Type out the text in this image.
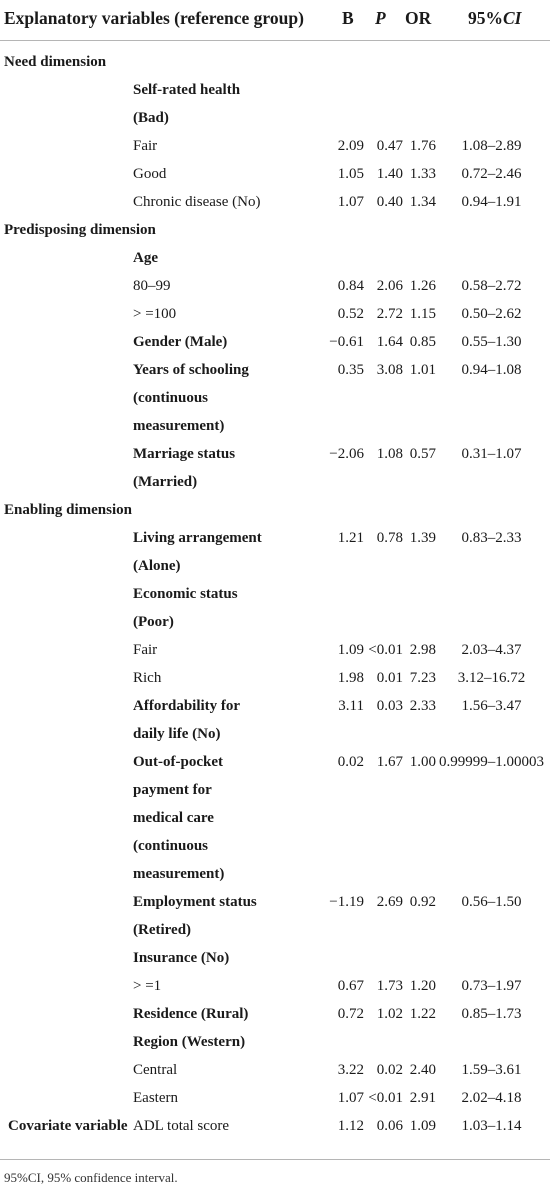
Explanatory variables (reference group) B P OR 95%CI
Need dimension
Self-rated health
(Bad)
Fair	2.09 0.47 1.76	1.08–2.89
Good	1.05 1.40 1.33	0.72–2.46
Chronic disease (No)	1.07 0.40 1.34	0.94–1.91
Predisposing dimension
Age
80–99	0.84 2.06 1.26	0.58–2.72
> =100	0.52 2.72 1.15	0.50–2.62
Gender (Male)	−0.61 1.64 0.85	0.55–1.30
Years of schooling	0.35 3.08 1.01	0.94–1.08
(continuous
measurement)
Marriage status	−2.06 1.08 0.57	0.31–1.07
(Married)
Enabling dimension
Living arrangement	1.21 0.78 1.39	0.83–2.33
(Alone)
Economic status
(Poor)
Fair	1.09 <0.01 2.98	2.03–4.37
Rich	1.98 0.01 7.23	3.12–16.72
Affordability for	3.11 0.03 2.33	1.56–3.47
daily life (No)
Out-of-pocket	0.02 1.67 1.00 0.99999–1.00003
payment for
medical care
(continuous
measurement)
Employment status	−1.19 2.69 0.92	0.56–1.50
(Retired)
Insurance (No)
> =1	0.67 1.73 1.20	0.73–1.97
Residence (Rural)	0.72 1.02 1.22	0.85–1.73
Region (Western)
Central	3.22 0.02 2.40	1.59–3.61
Eastern	1.07 <0.01 2.91	2.02–4.18
Covariate variable ADL total score	1.12 0.06 1.09	1.03–1.14
95%CI, 95% confidence interval.
